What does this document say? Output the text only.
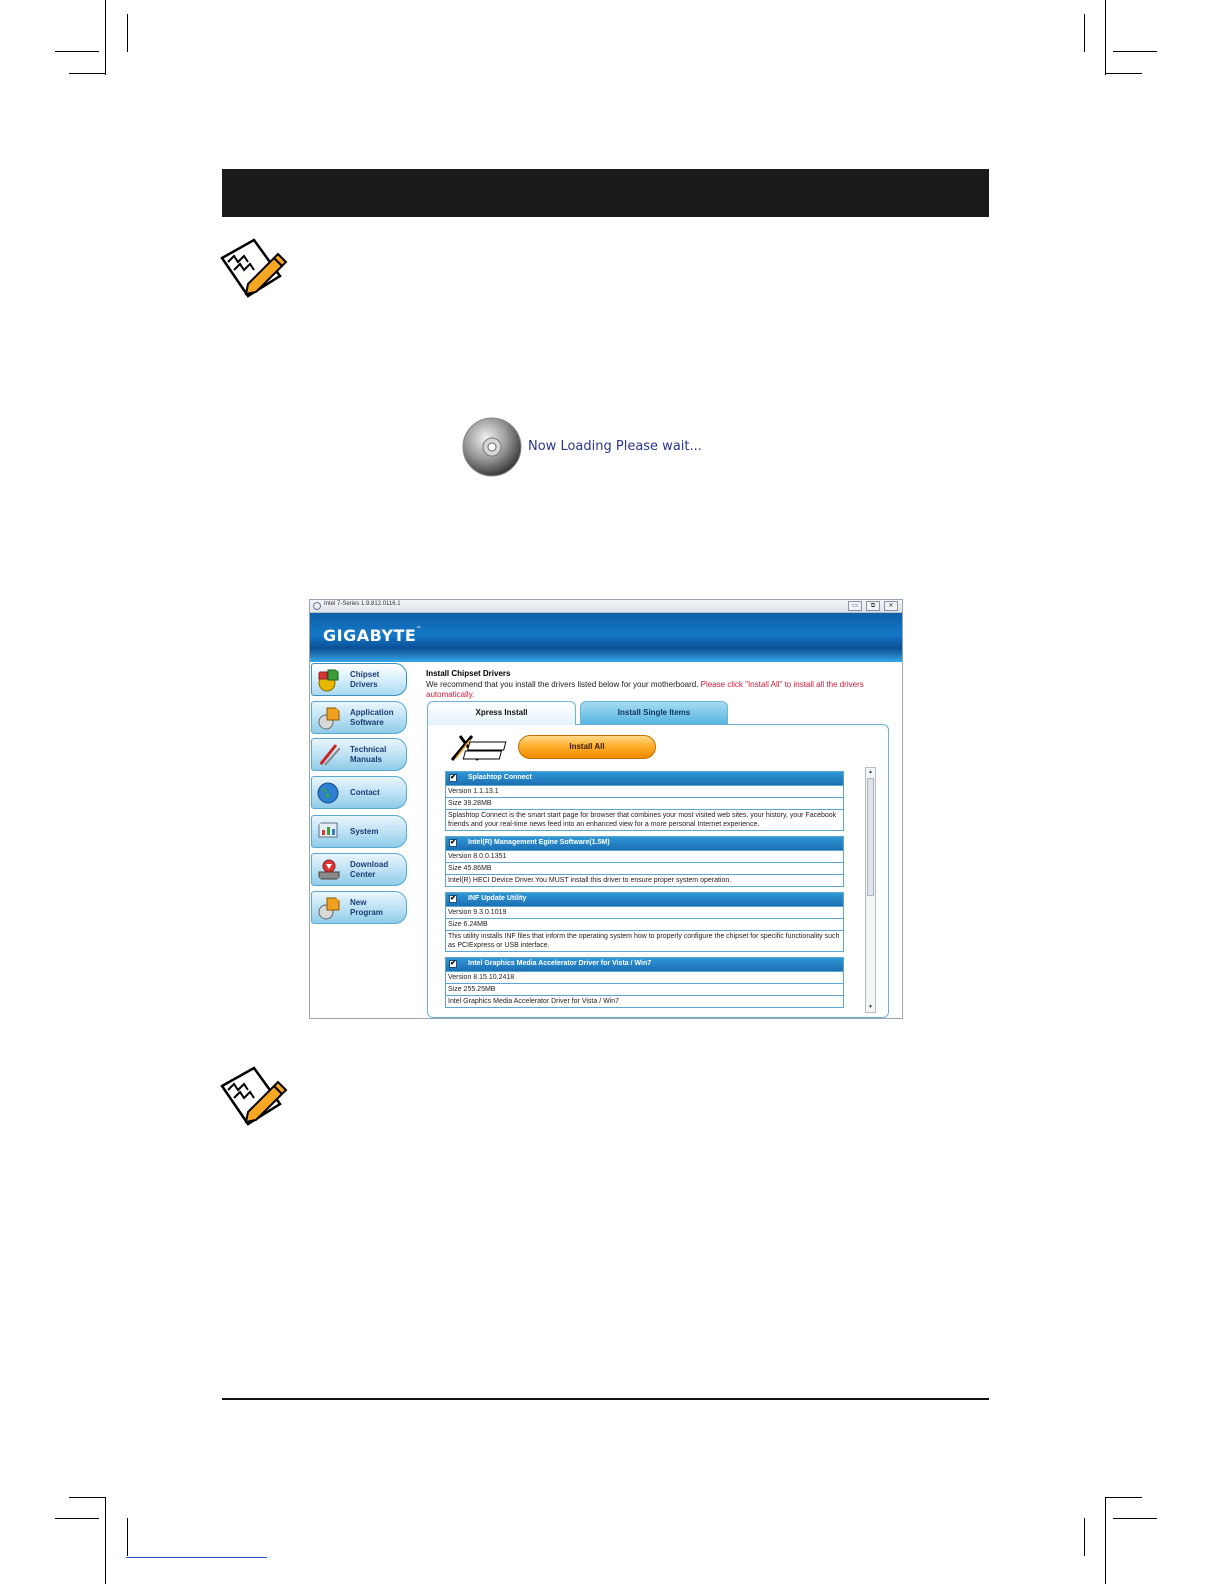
Now Loading Please wait...
Intel 7-Series 1.9.812.0116.1	▭	⧉	✕
GIGABYTE™
Chipset
Drivers
Application
Software
Technical
Manuals
Contact
System
Download
Center
New
Program
Install Chipset Drivers
We recommend that you install the drivers listed below for your motherboard. Please click "Install All" to install all the drivers automatically.
Xpress Install	Install Single Items
Install All
✔ Splashtop Connect
Version 1.1.13.1
Size 39.28MB
Splashtop Connect is the smart start page for browser that combines your most visited web sites, your history, your Facebook friends and your real-time news feed into an enhanced view for a more personal Internet experience.
✔ Intel(R) Management Egine Software(1.5M)
Version 8.0.0.1351
Size 45.86MB
Intel(R) HECI Device Driver.You MUST install this driver to ensure proper system operation.
✔ INF Update Utility
Version 9.3.0.1019
Size 6.24MB
This utility installs INF files that inform the operating system how to properly configure the chipset for specific functionality such as PCIExpress or USB interface.
✔ Intel Graphics Media Accelerator Driver for Vista / Win7
Version 8.15.10.2418
Size 255.25MB
Intel Graphics Media Accelerator Driver for Vista / Win7
▲
▼
